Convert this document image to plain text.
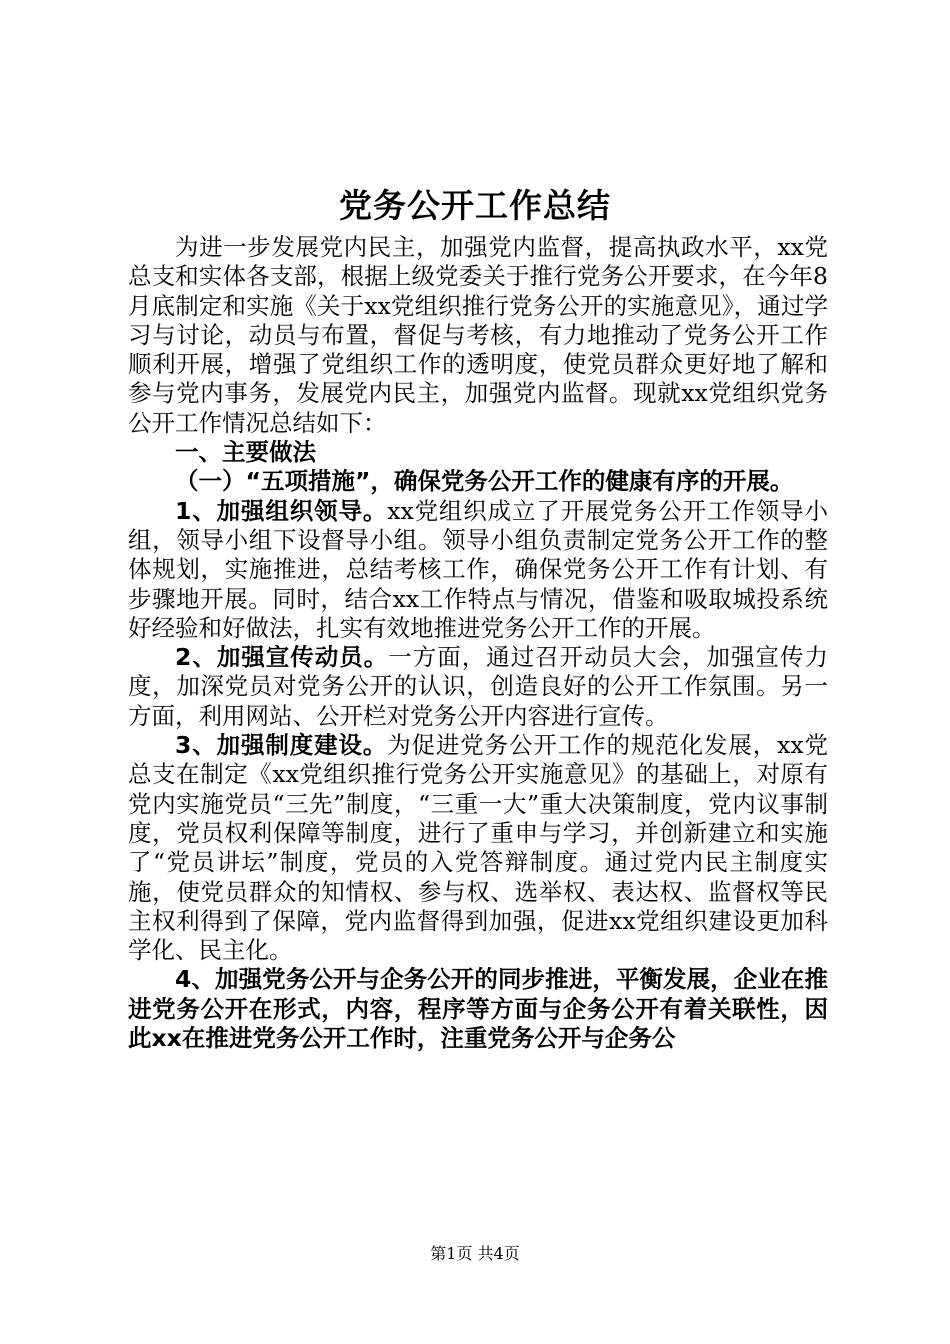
党务公开工作总结

为进一步发展党内民主，加强党内监督，提高执政水平，xx党总支和实体各支部，根据上级党委关于推行党务公开要求，在今年8月底制定和实施《关于xx党组织推行党务公开的实施意见》，通过学习与讨论，动员与布置，督促与考核，有力地推动了党务公开工作顺利开展，增强了党组织工作的透明度，使党员群众更好地了解和参与党内事务，发展党内民主，加强党内监督。现就xx党组织党务公开工作情况总结如下：

一、主要做法

（一）“五项措施”，确保党务公开工作的健康有序的开展。

1、加强组织领导。xx党组织成立了开展党务公开工作领导小组，领导小组下设督导小组。领导小组负责制定党务公开工作的整体规划，实施推进，总结考核工作，确保党务公开工作有计划、有步骤地开展。同时，结合xx工作特点与情况，借鉴和吸取城投系统好经验和好做法，扎实有效地推进党务公开工作的开展。

2、加强宣传动员。一方面，通过召开动员大会，加强宣传力度，加深党员对党务公开的认识，创造良好的公开工作氛围。另一方面，利用网站、公开栏对党务公开内容进行宣传。

3、加强制度建设。为促进党务公开工作的规范化发展，xx党总支在制定《xx党组织推行党务公开实施意见》的基础上，对原有党内实施党员“三先”制度，“三重一大”重大决策制度，党内议事制度，党员权利保障等制度，进行了重申与学习，并创新建立和实施了“党员讲坛”制度，党员的入党答辩制度。通过党内民主制度实施，使党员群众的知情权、参与权、选举权、表达权、监督权等民主权利得到了保障，党内监督得到加强，促进xx党组织建设更加科学化、民主化。

4、加强党务公开与企务公开的同步推进，平衡发展，企业在推进党务公开在形式，内容，程序等方面与企务公开有着关联性，因此xx在推进党务公开工作时，注重党务公开与企务公

第1页 共4页
